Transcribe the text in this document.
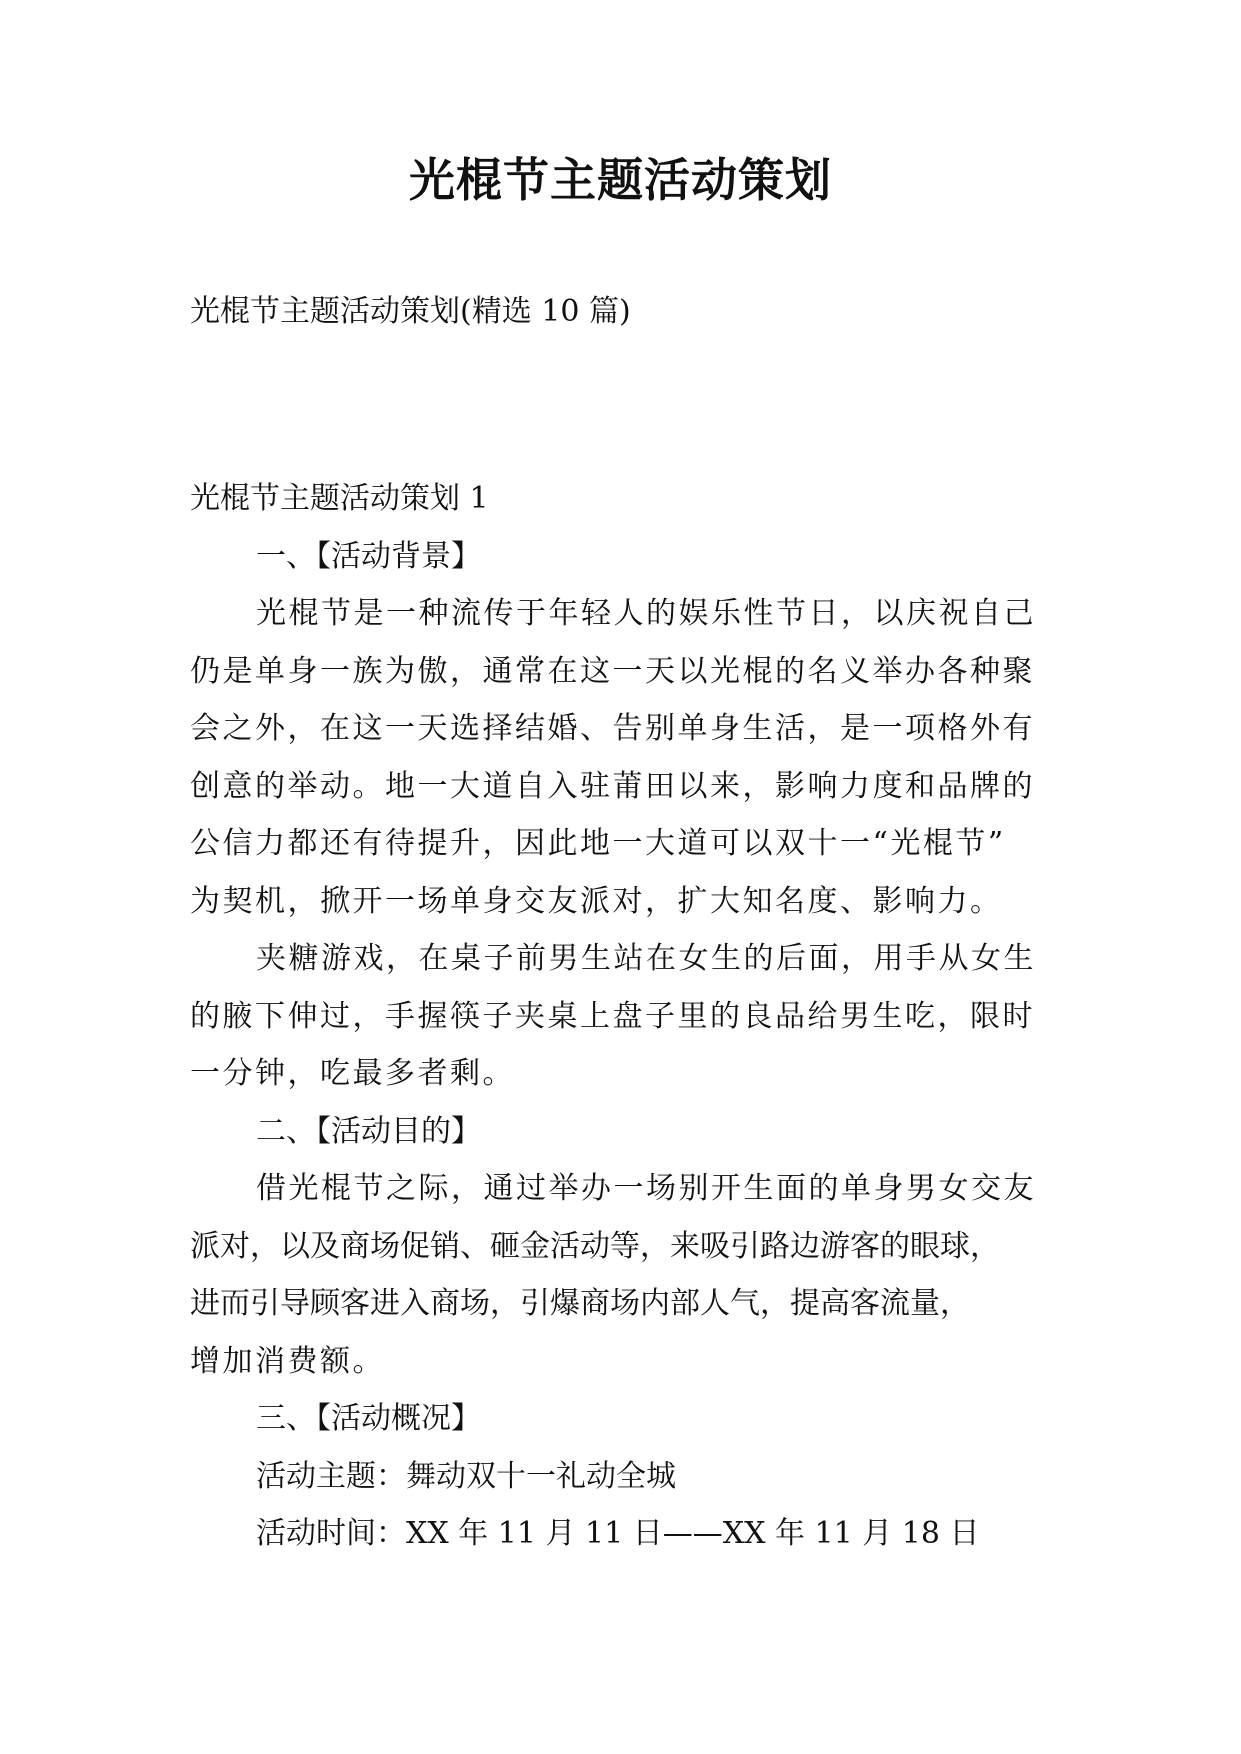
光棍节主题活动策划

光棍节主题活动策划(精选 10 篇)

光棍节主题活动策划 1

一、【活动背景】

光棍节是一种流传于年轻人的娱乐性节日，以庆祝自己

仍是单身一族为傲，通常在这一天以光棍的名义举办各种聚

会之外，在这一天选择结婚、告别单身生活，是一项格外有

创意的举动。地一大道自入驻莆田以来，影响力度和品牌的

公信力都还有待提升，因此地一大道可以双十一“光棍节”

为契机，掀开一场单身交友派对，扩大知名度、影响力。

夹糖游戏，在桌子前男生站在女生的后面，用手从女生

的腋下伸过，手握筷子夹桌上盘子里的良品给男生吃，限时

一分钟，吃最多者剩。

二、【活动目的】

借光棍节之际，通过举办一场别开生面的单身男女交友

派对，以及商场促销、砸金活动等，来吸引路边游客的眼球，

进而引导顾客进入商场，引爆商场内部人气，提高客流量，

增加消费额。

三、【活动概况】

活动主题：舞动双十一礼动全城

活动时间：XX 年 11 月 11 日——XX 年 11 月 18 日
